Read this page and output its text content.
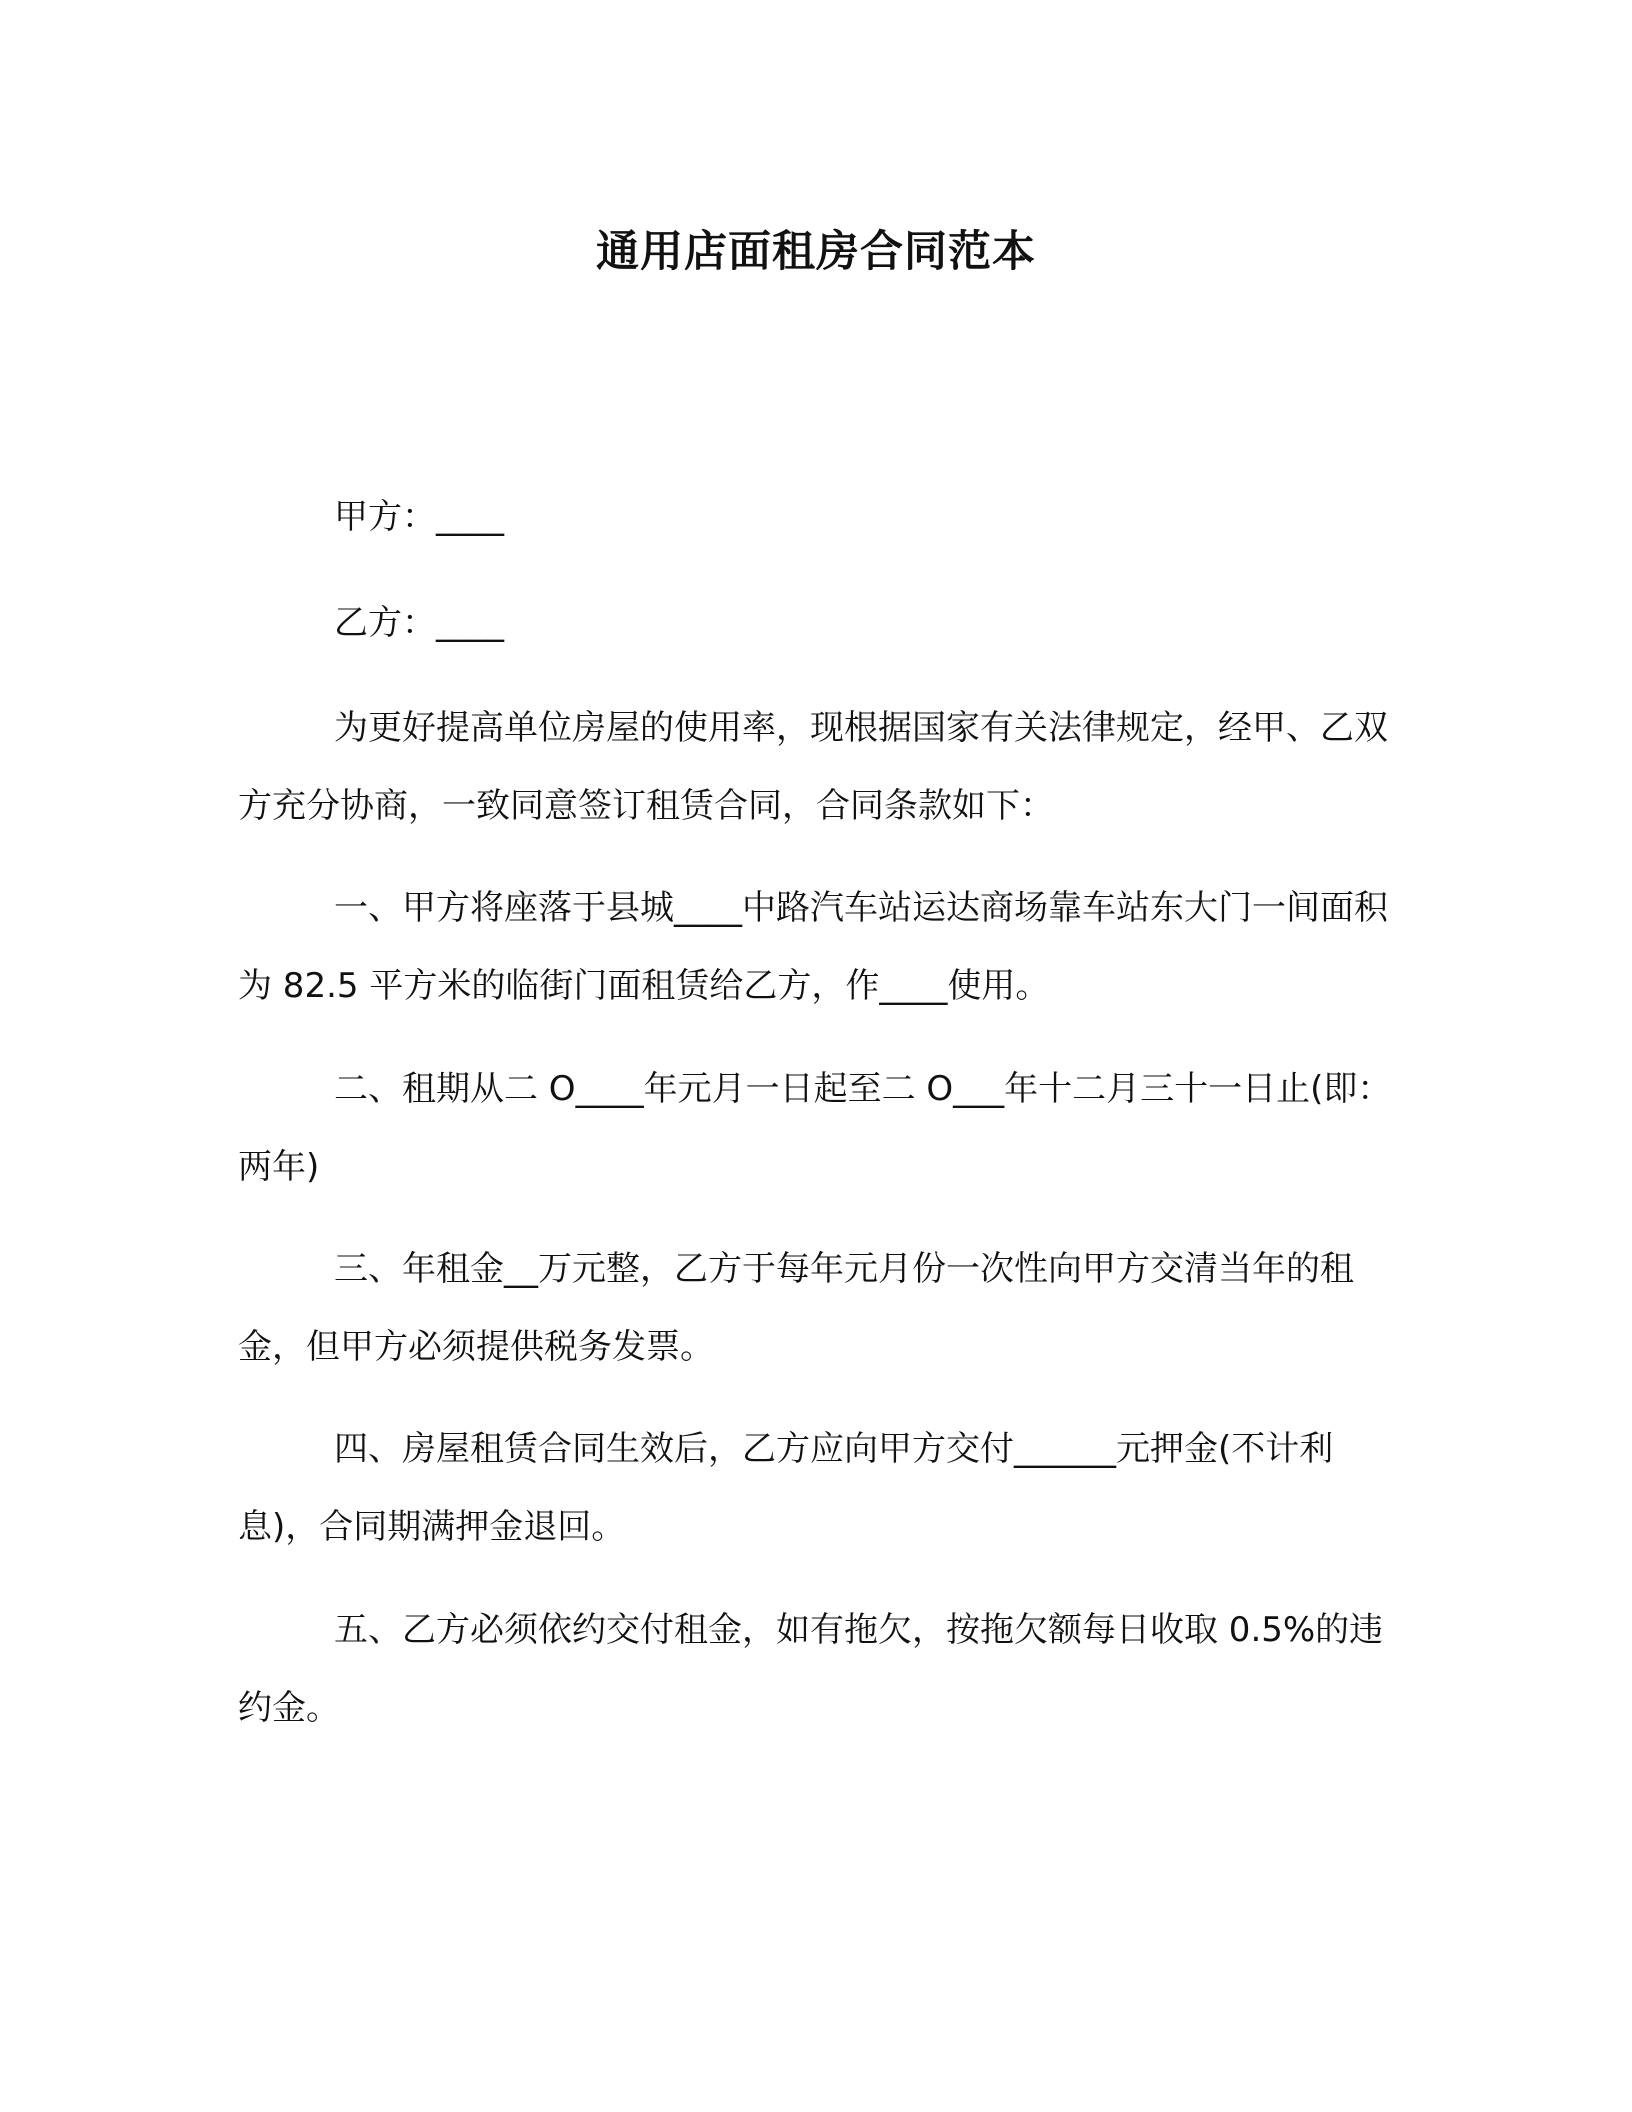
通用店面租房合同范本
甲方：____
乙方：____
为更好提高单位房屋的使用率，现根据国家有关法律规定，经甲、乙双方充分协商，一致同意签订租赁合同，合同条款如下：
一、甲方将座落于县城____中路汽车站运达商场靠车站东大门一间面积为 82.5 平方米的临街门面租赁给乙方，作____使用。
二、租期从二 O____年元月一日起至二 O___年十二月三十一日止(即：两年)
三、年租金__万元整，乙方于每年元月份一次性向甲方交清当年的租金，但甲方必须提供税务发票。
四、房屋租赁合同生效后，乙方应向甲方交付______元押金(不计利息)，合同期满押金退回。
五、乙方必须依约交付租金，如有拖欠，按拖欠额每日收取 0.5%的违约金。
